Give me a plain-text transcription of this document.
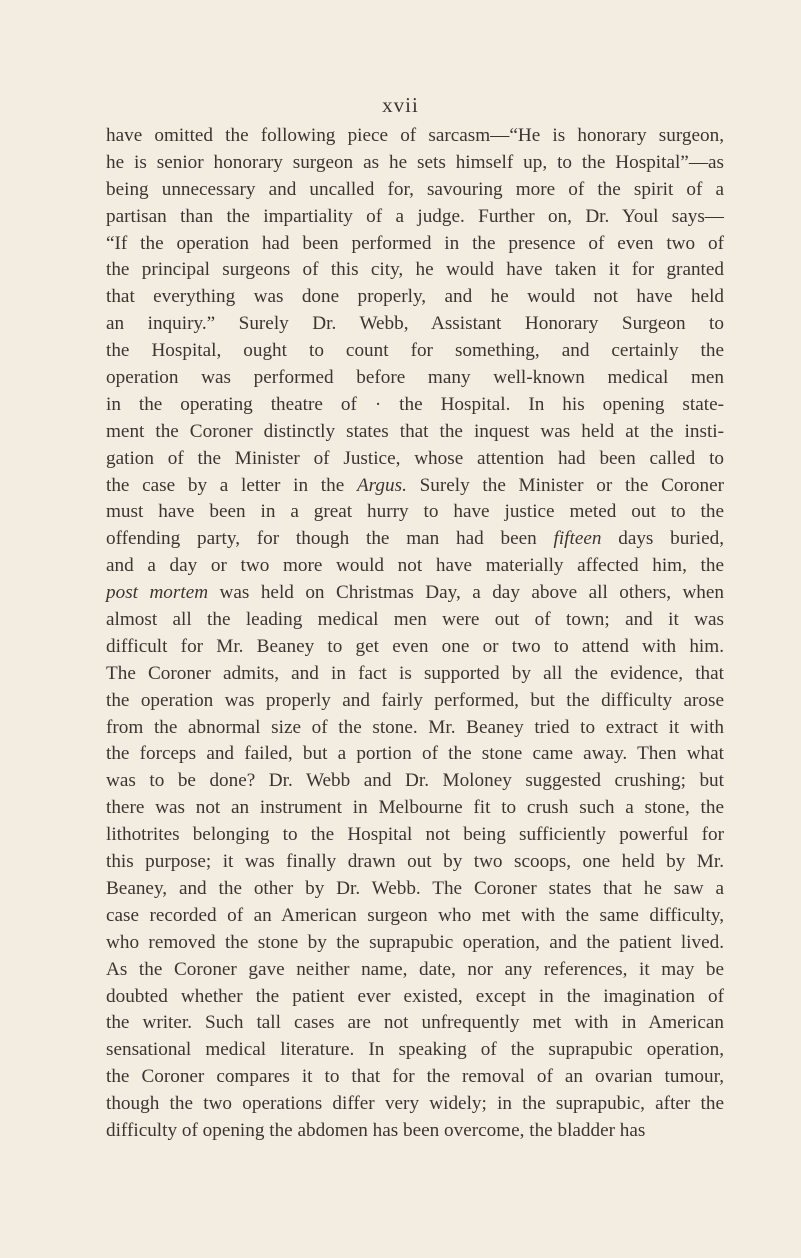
xvii
have omitted the following piece of sarcasm—“He is honorary surgeon,
he is senior honorary surgeon as he sets himself up, to the Hospital”—as
being unnecessary and uncalled for, savouring more of the spirit of a
partisan than the impartiality of a judge. Further on, Dr. Youl says—
“If the operation had been performed in the presence of even two of
the principal surgeons of this city, he would have taken it for granted
that everything was done properly, and he would not have held
an inquiry.” Surely Dr. Webb, Assistant Honorary Surgeon to
the Hospital, ought to count for something, and certainly the
operation was performed before many well-known medical men
in the operating theatre of · the Hospital. In his opening state-
ment the Coroner distinctly states that the inquest was held at the insti-
gation of the Minister of Justice, whose attention had been called to
the case by a letter in the Argus. Surely the Minister or the Coroner
must have been in a great hurry to have justice meted out to the
offending party, for though the man had been fifteen days buried,
and a day or two more would not have materially affected him, the
post mortem was held on Christmas Day, a day above all others, when
almost all the leading medical men were out of town; and it was
difficult for Mr. Beaney to get even one or two to attend with him.
The Coroner admits, and in fact is supported by all the evidence, that
the operation was properly and fairly performed, but the difficulty arose
from the abnormal size of the stone. Mr. Beaney tried to extract it with
the forceps and failed, but a portion of the stone came away. Then what
was to be done? Dr. Webb and Dr. Moloney suggested crushing; but
there was not an instrument in Melbourne fit to crush such a stone, the
lithotrites belonging to the Hospital not being sufficiently powerful for
this purpose; it was finally drawn out by two scoops, one held by Mr.
Beaney, and the other by Dr. Webb. The Coroner states that he saw a
case recorded of an American surgeon who met with the same difficulty,
who removed the stone by the suprapubic operation, and the patient lived.
As the Coroner gave neither name, date, nor any references, it may be
doubted whether the patient ever existed, except in the imagination of
the writer. Such tall cases are not unfrequently met with in American
sensational medical literature. In speaking of the suprapubic operation,
the Coroner compares it to that for the removal of an ovarian tumour,
though the two operations differ very widely; in the suprapubic, after the
difficulty of opening the abdomen has been overcome, the bladder has
